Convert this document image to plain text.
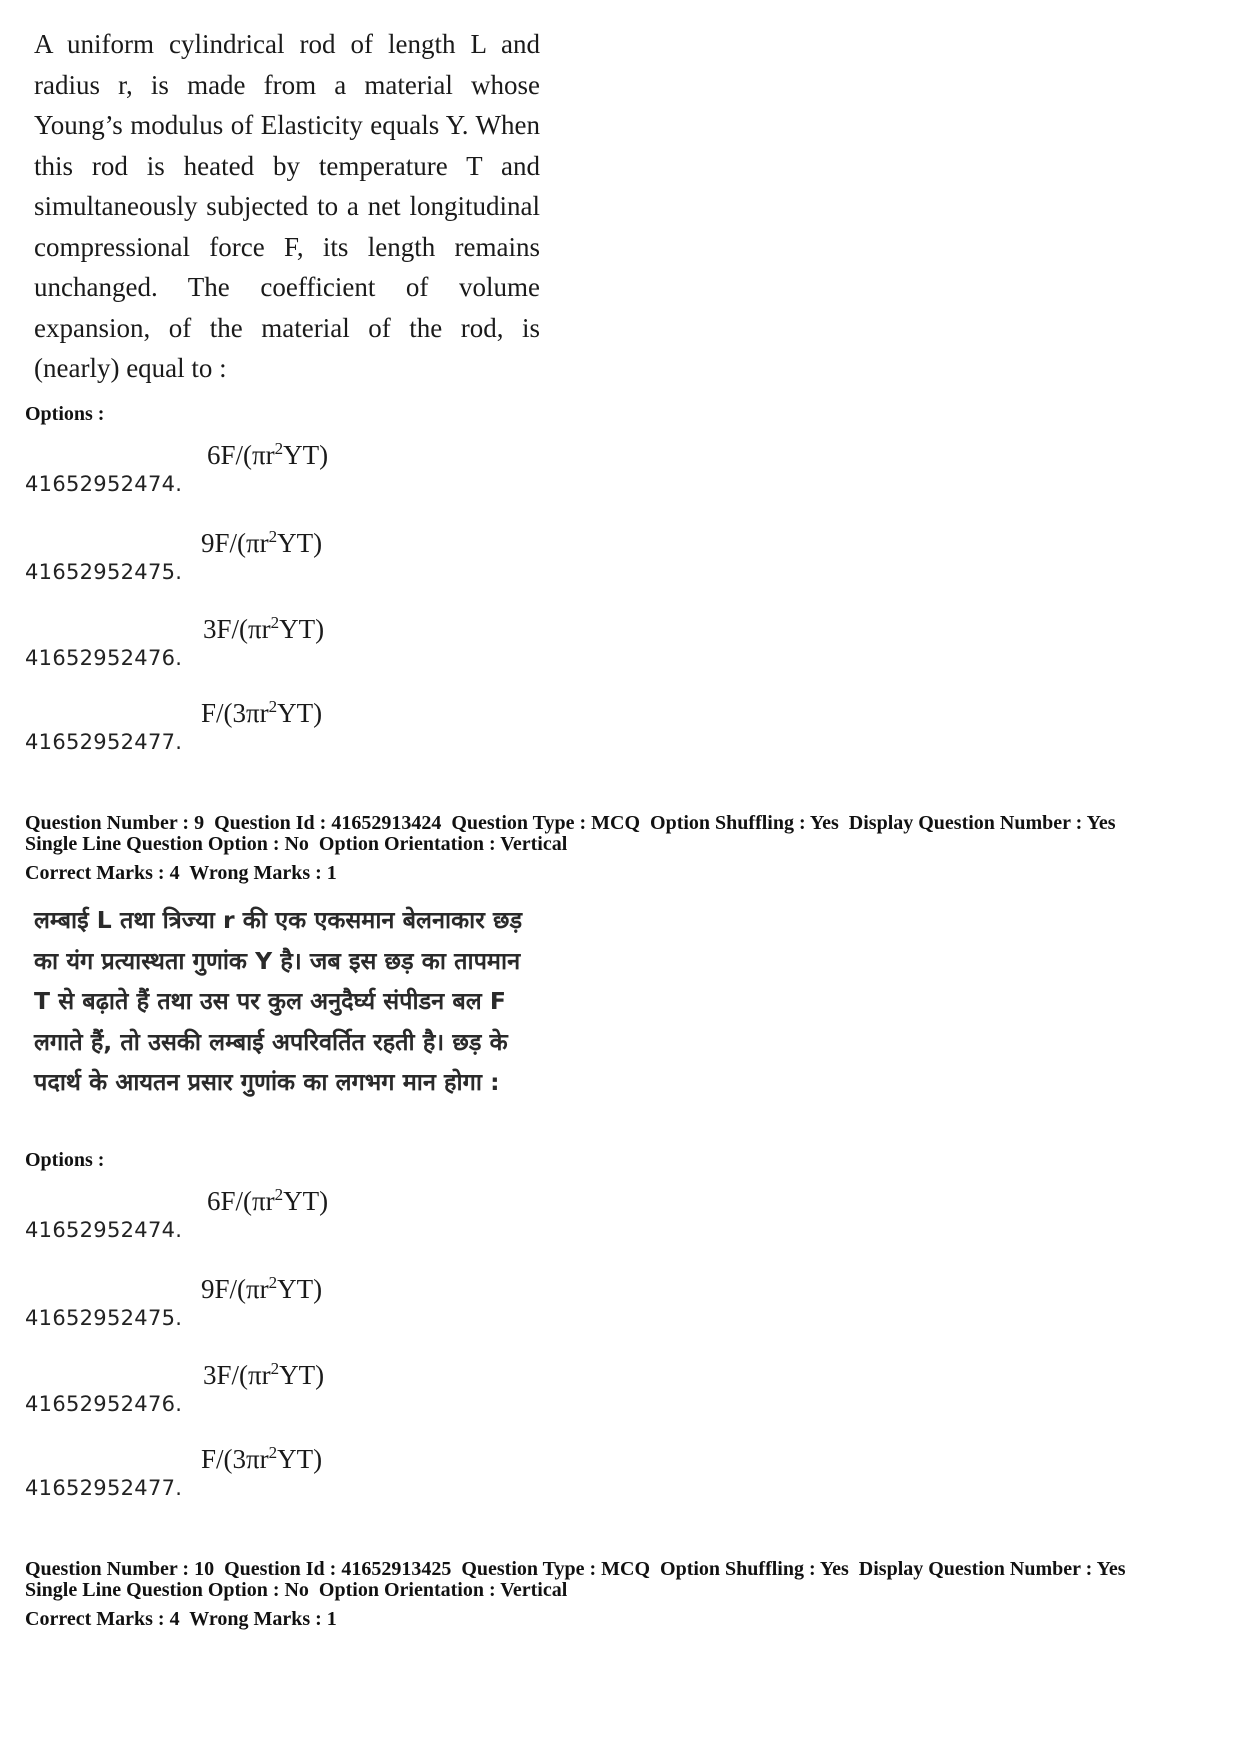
A uniform cylindrical rod of length L and radius r, is made from a material whose Young’s modulus of Elasticity equals Y. When this rod is heated by temperature T and simultaneously subjected to a net longitudinal compressional force F, its length remains unchanged. The coefficient of volume expansion, of the material of the rod, is (nearly) equal to :
Options :
41652952474.
$6F/(\pi r^2YT)$
41652952475.
$9F/(\pi r^2YT)$
41652952476.
$3F/(\pi r^2YT)$
41652952477.
$F/(3\pi r^2YT)$
Question Number : 9  Question Id : 41652913424  Question Type : MCQ  Option Shuffling : Yes  Display Question Number : Yes
Single Line Question Option : No  Option Orientation : Vertical
Correct Marks : 4  Wrong Marks : 1
लम्बाई L तथा त्रिज्या r की एक एकसमान बेलनाकार छड़ का यंग प्रत्यास्थता गुणांक Y है। जब इस छड़ का तापमान T से बढ़ाते हैं तथा उस पर कुल अनुदैर्घ्य संपीडन बल F लगाते हैं, तो उसकी लम्बाई अपरिवर्तित रहती है। छड़ के पदार्थ के आयतन प्रसार गुणांक का लगभग मान होगा :
Options :
41652952474.
$6F/(\pi r^2YT)$
41652952475.
$9F/(\pi r^2YT)$
41652952476.
$3F/(\pi r^2YT)$
41652952477.
$F/(3\pi r^2YT)$
Question Number : 10  Question Id : 41652913425  Question Type : MCQ  Option Shuffling : Yes  Display Question Number : Yes
Single Line Question Option : No  Option Orientation : Vertical
Correct Marks : 4  Wrong Marks : 1
